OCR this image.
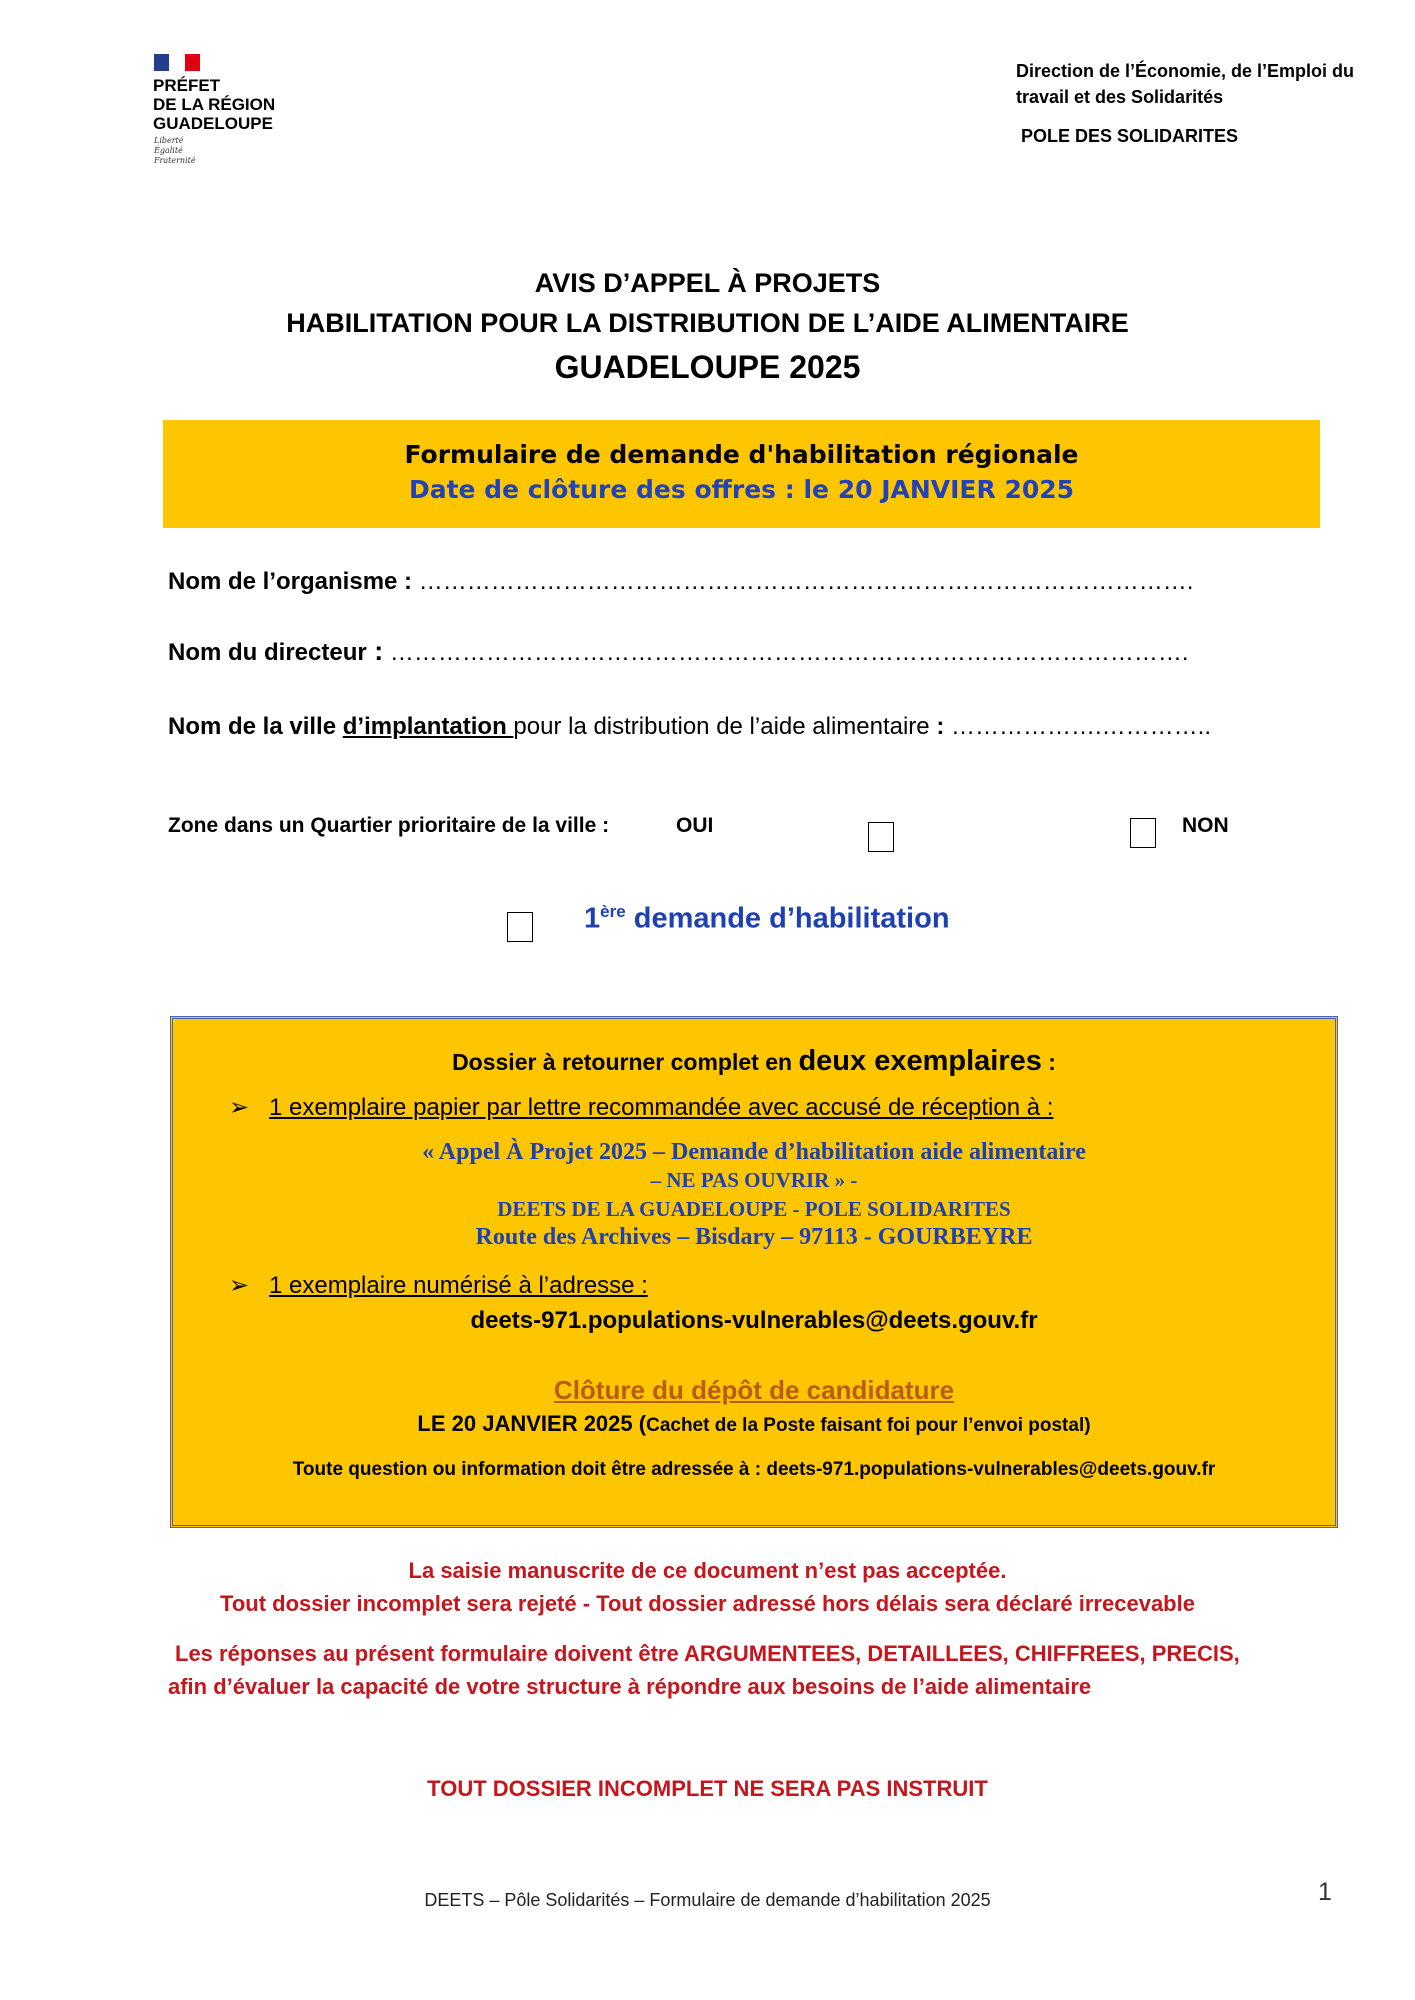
PRÉFET
DE LA RÉGION
GUADELOUPE
Liberté
Égalité
Fraternité
Direction de l’Économie, de l’Emploi du
travail et des Solidarités
POLE DES SOLIDARITES
AVIS D’APPEL À PROJETS
HABILITATION POUR LA DISTRIBUTION DE L’AIDE ALIMENTAIRE
GUADELOUPE 2025
Formulaire de demande d'habilitation régionale
Date de clôture des offres : le 20 JANVIER 2025
Nom de l’organisme : …………………………………………………………………………………….
Nom du directeur : ……………………………………………………………………………………….
Nom de la ville d’implantation pour la distribution de l’aide alimentaire : ……………….…………..
Zone dans un Quartier prioritaire de la ville :	OUI	NON
1ère demande d’habilitation
Dossier à retourner complet en deux exemplaires :
➢ 1 exemplaire papier par lettre recommandée avec accusé de réception à :
« Appel À Projet 2025 – Demande d’habilitation aide alimentaire
– NE PAS OUVRIR » -
DEETS DE LA GUADELOUPE - POLE SOLIDARITES
Route des Archives – Bisdary – 97113 - GOURBEYRE
➢ 1 exemplaire numérisé à l’adresse :
deets-971.populations-vulnerables@deets.gouv.fr
Clôture du dépôt de candidature
LE 20 JANVIER 2025 (Cachet de la Poste faisant foi pour l’envoi postal)
Toute question ou information doit être adressée à : deets-971.populations-vulnerables@deets.gouv.fr
La saisie manuscrite de ce document n’est pas acceptée.
Tout dossier incomplet sera rejeté - Tout dossier adressé hors délais sera déclaré irrecevable
Les réponses au présent formulaire doivent être ARGUMENTEES, DETAILLEES, CHIFFREES, PRECIS,
afin d’évaluer la capacité de votre structure à répondre aux besoins de l’aide alimentaire
TOUT DOSSIER INCOMPLET NE SERA PAS INSTRUIT
DEETS – Pôle Solidarités – Formulaire de demande d’habilitation 2025	1
